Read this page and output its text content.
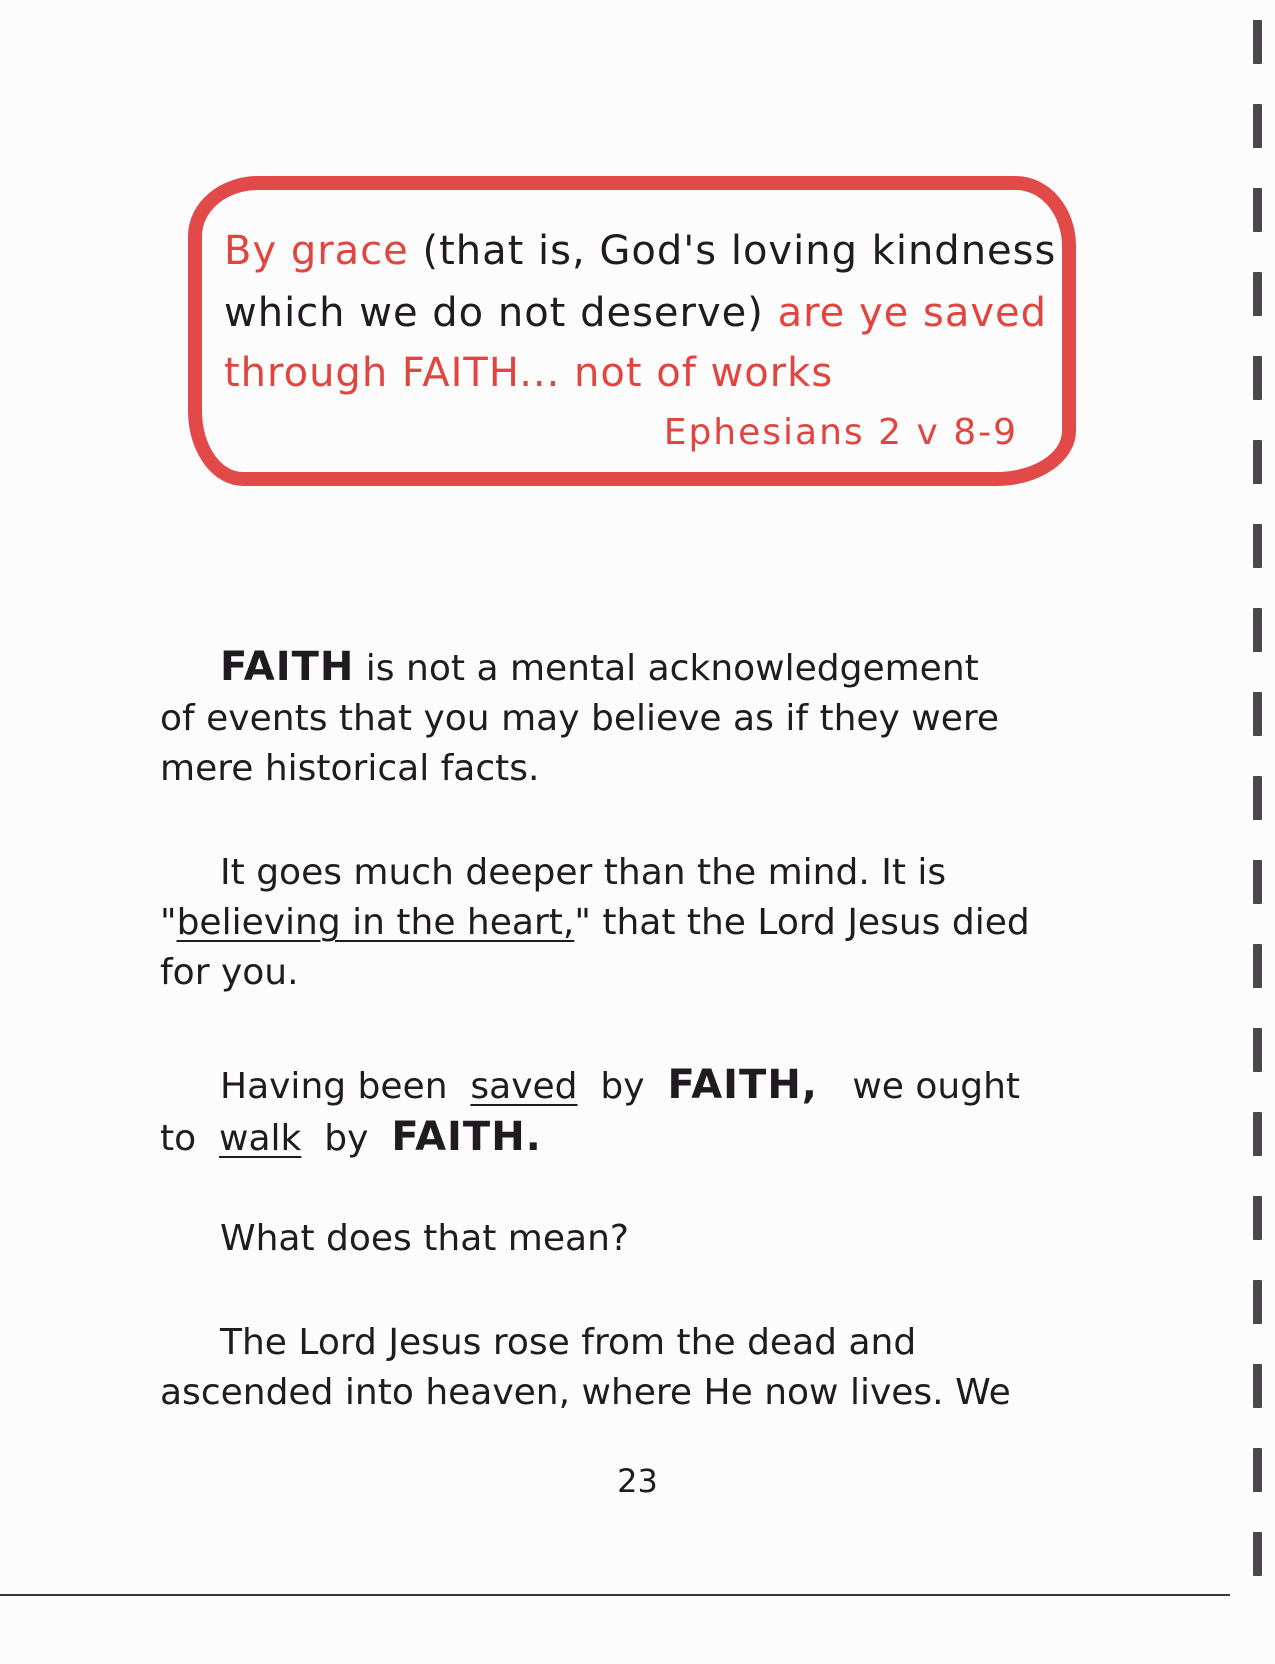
By grace (that is, God's loving kindness
which we do not deserve) are ye saved
through FAITH... not of works
Ephesians 2 v 8-9
FAITH is not a mental acknowledgement
of events that you may believe as if they were
mere historical facts.
It goes much deeper than the mind. It is
"believing in the heart," that the Lord Jesus died
for you.
Having been saved by FAITH, we ought
to walk by FAITH.
What does that mean?
The Lord Jesus rose from the dead and
ascended into heaven, where He now lives. We
23
